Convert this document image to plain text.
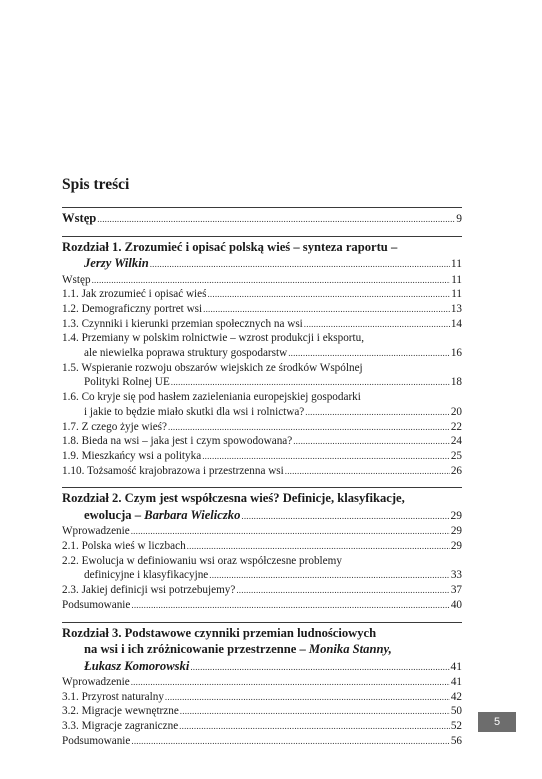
Spis treści
Wstęp .....	9
Rozdział 1. Zrozumieć i opisać polską wieś – synteza raportu –
Jerzy Wilkin .....	11
Wstęp .....	11
1.1. Jak zrozumieć i opisać wieś .....	11
1.2. Demograficzny portret wsi .....	13
1.3. Czynniki i kierunki przemian społecznych na wsi .....	14
1.4. Przemiany w polskim rolnictwie – wzrost produkcji i eksportu,
ale niewielka poprawa struktury gospodarstw .....	16
1.5. Wspieranie rozwoju obszarów wiejskich ze środków Wspólnej
Polityki Rolnej UE .....	18
1.6. Co kryje się pod hasłem zazieleniania europejskiej gospodarki
i jakie to będzie miało skutki dla wsi i rolnictwa? .....	20
1.7. Z czego żyje wieś? .....	22
1.8. Bieda na wsi – jaka jest i czym spowodowana? .....	24
1.9. Mieszkańcy wsi a polityka .....	25
1.10. Tożsamość krajobrazowa i przestrzenna wsi .....	26
Rozdział 2. Czym jest współczesna wieś? Definicje, klasyfikacje,
ewolucja – Barbara Wieliczko .....	29
Wprowadzenie .....	29
2.1. Polska wieś w liczbach .....	29
2.2. Ewolucja w definiowaniu wsi oraz współczesne problemy
definicyjne i klasyfikacyjne .....	33
2.3. Jakiej definicji wsi potrzebujemy? .....	37
Podsumowanie .....	40
Rozdział 3. Podstawowe czynniki przemian ludnościowych
na wsi i ich zróżnicowanie przestrzenne – Monika Stanny,
Łukasz Komorowski .....	41
Wprowadzenie .....	41
3.1. Przyrost naturalny .....	42
3.2. Migracje wewnętrzne .....	50
3.3. Migracje zagraniczne .....	52
Podsumowanie .....	56
5
